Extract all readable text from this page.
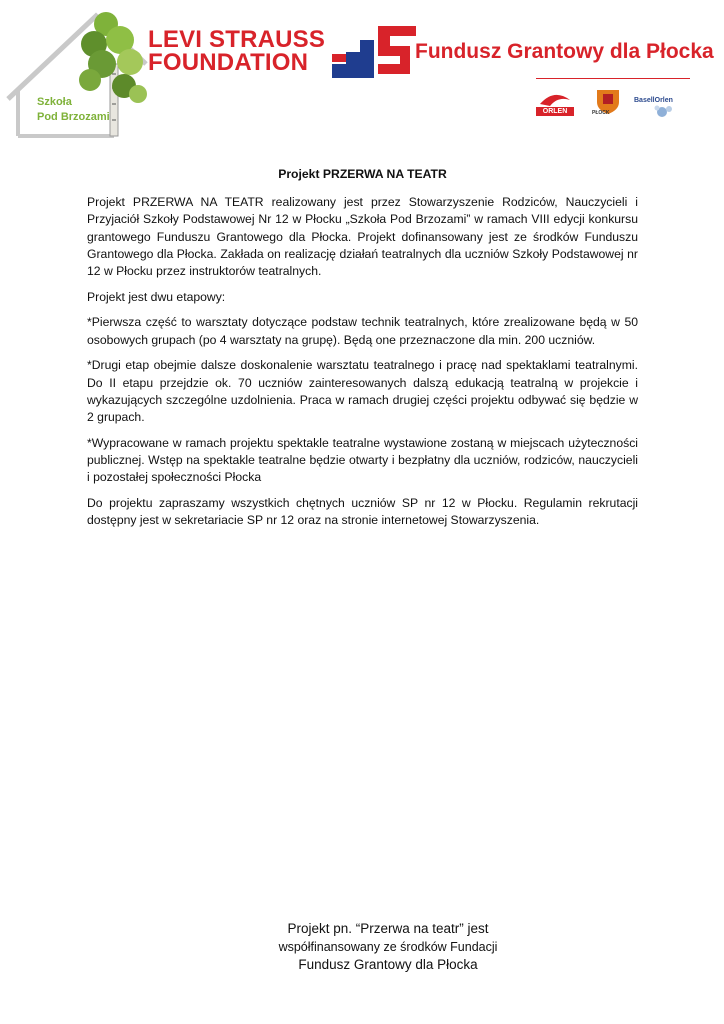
Szkoła
Pod Brzozami
LEVI STRAUSS
FOUNDATION	Fundusz Grantowy dla Płocka
ORLEN	PŁOCK
BasellOrlen
Projekt PRZERWA NA TEATR

Projekt PRZERWA NA TEATR realizowany jest przez Stowarzyszenie Rodziców, Nauczycieli i Przyjaciół Szkoły Podstawowej Nr 12 w Płocku „Szkoła Pod Brzozami” w ramach VIII edycji konkursu grantowego Funduszu Grantowego dla Płocka. Projekt dofinansowany jest ze środków Funduszu Grantowego dla Płocka. Zakłada on realizację działań teatralnych dla uczniów Szkoły Podstawowej nr 12 w Płocku przez instruktorów teatralnych.

Projekt jest dwu etapowy:

*Pierwsza część to warsztaty dotyczące podstaw technik teatralnych, które zrealizowane będą w 50 osobowych grupach (po 4 warsztaty na grupę). Będą one przeznaczone dla min. 200 uczniów.

*Drugi etap obejmie dalsze doskonalenie warsztatu teatralnego i pracę nad spektaklami teatralnymi. Do II etapu przejdzie ok. 70 uczniów zainteresowanych dalszą edukacją teatralną w projekcie i wykazujących szczególne uzdolnienia. Praca w ramach drugiej części projektu odbywać się będzie w 2 grupach.

*Wypracowane w ramach projektu spektakle teatralne wystawione zostaną w miejscach użyteczności publicznej. Wstęp na spektakle teatralne będzie otwarty i bezpłatny dla uczniów, rodziców, nauczycieli i pozostałej społeczności Płocka

Do projektu zapraszamy wszystkich chętnych uczniów SP nr 12 w Płocku. Regulamin rekrutacji dostępny jest w sekretariacie SP nr 12 oraz na stronie internetowej Stowarzyszenia.

Projekt pn. “Przerwa na teatr” jest
współfinansowany ze środków Fundacji
Fundusz Grantowy dla Płocka
